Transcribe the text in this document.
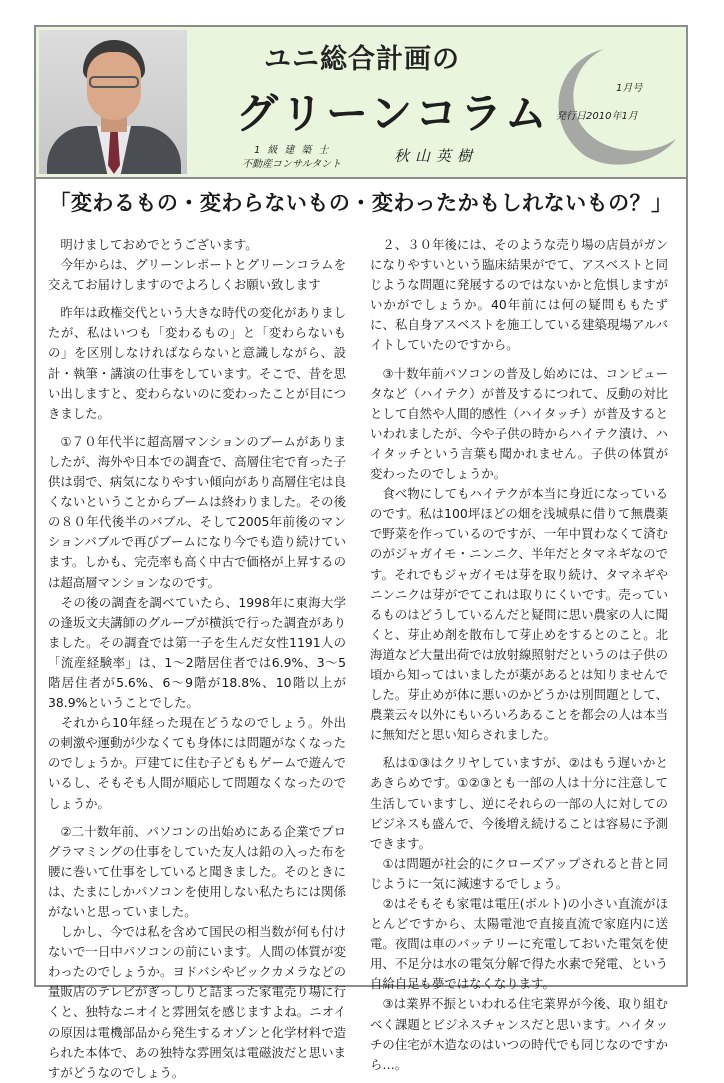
ユニ総合計画の
グリーンコラム
1級建築士
不動産コンサルタント	秋山英樹
1月号
発行日2010年1月
「変わるもの・変わらないもの・変わったかもしれないもの？」

　明けましておめでとうございます。

　今年からは、グリーンレポートとグリーンコラムを交えてお届けしますのでよろしくお願い致します

　昨年は政権交代という大きな時代の変化がありましたが、私はいつも「変わるもの」と「変わらないもの」を区別しなければならないと意識しながら、設計・執筆・講演の仕事をしています。そこで、昔を思い出しますと、変わらないのに変わったことが目につきました。

　①７０年代半に超高層マンションのブームがありましたが、海外や日本での調査で、高層住宅で育った子供は弱で、病気になりやすい傾向があり高層住宅は良くないということからブームは終わりました。その後の８０年代後半のバブル、そして2005年前後のマンションバブルで再びブームになり今でも造り続けています。しかも、完売率も高く中古で価格が上昇するのは超高層マンションなのです。

　その後の調査を調べていたら、1998年に東海大学の逢坂文夫講師のグループが横浜で行った調査がありました。その調査では第一子を生んだ女性1191人の「流産経験率」は、1〜2階居住者では6.9%、3〜5階居住者が5.6%、6〜9階が18.8%、10階以上が38.9%ということでした。

　それから10年経った現在どうなのでしょう。外出の刺激や運動が少なくても身体には問題がなくなったのでしょうか。戸建てに住む子どももゲームで遊んでいるし、そもそも人間が順応して問題なくなったのでしょうか。

　②二十数年前、パソコンの出始めにある企業でプログラマミングの仕事をしていた友人は鉛の入った布を腰に巻いて仕事をしていると聞きました。そのときには、たまにしかパソコンを使用しない私たちには関係がないと思っていました。

　しかし、今では私を含めて国民の相当数が何も付けないで一日中パソコンの前にいます。人間の体質が変わったのでしょうか。ヨドバシやビックカメラなどの量販店のテレビがぎっしりと詰まった家電売り場に行くと、独特なニオイと雰囲気を感じますよね。ニオイの原因は電機部品から発生するオゾンと化学材料で造られた本体で、あの独特な雰囲気は電磁波だと思いますがどうなのでしょう。

　２、３０年後には、そのような売り場の店員がガンになりやすいという臨床結果がでて、アスベストと同じような問題に発展するのではないかと危惧しますがいかがでしょうか。40年前には何の疑問ももたずに、私自身アスベストを施工している建築現場アルバイトしていたのですから。

　③十数年前パソコンの普及し始めには、コンピュータなど（ハイテク）が普及するにつれて、反動の対比として自然や人間的感性（ハイタッチ）が普及するといわれましたが、今や子供の時からハイテク漬け、ハイタッチという言葉も聞かれません。子供の体質が変わったのでしょうか。

　食べ物にしてもハイテクが本当に身近になっているのです。私は100坪ほどの畑を浅城県に借りて無農薬で野菜を作っているのですが、一年中買わなくて済むのがジャガイモ・ニンニク、半年だとタマネギなのです。それでもジャガイモは芽を取り続け、タマネギやニンニクは芽がでてこれは取りにくいです。売っているものはどうしているんだと疑問に思い農家の人に聞くと、芽止め剤を散布して芽止めをするとのこと。北海道など大量出荷では放射線照射だというのは子供の頃から知ってはいましたが薬があるとは知りませんでした。芽止めが体に悪いのかどうかは別問題として、農業云々以外にもいろいろあることを都会の人は本当に無知だと思い知らされました。

　私は①③はクリヤしていますが、②はもう遅いかとあきらめです。①②③とも一部の人は十分に注意して生活していますし、逆にそれらの一部の人に対してのビジネスも盛んで、今後増え続けることは容易に予測できます。

　①は問題が社会的にクローズアップされると昔と同じように一気に減速するでしょう。

　②はそもそも家電は電圧(ボルト)の小さい直流がほとんどですから、太陽電池で直接直流で家庭内に送電。夜間は車のバッテリーに充電しておいた電気を使用、不足分は水の電気分解で得た水素で発電、という自給自足も夢ではなくなります。

　③は業界不振といわれる住宅業界が今後、取り組むべく課題とビジネスチャンスだと思います。ハイタッチの住宅が木造なのはいつの時代でも同じなのですから…。
